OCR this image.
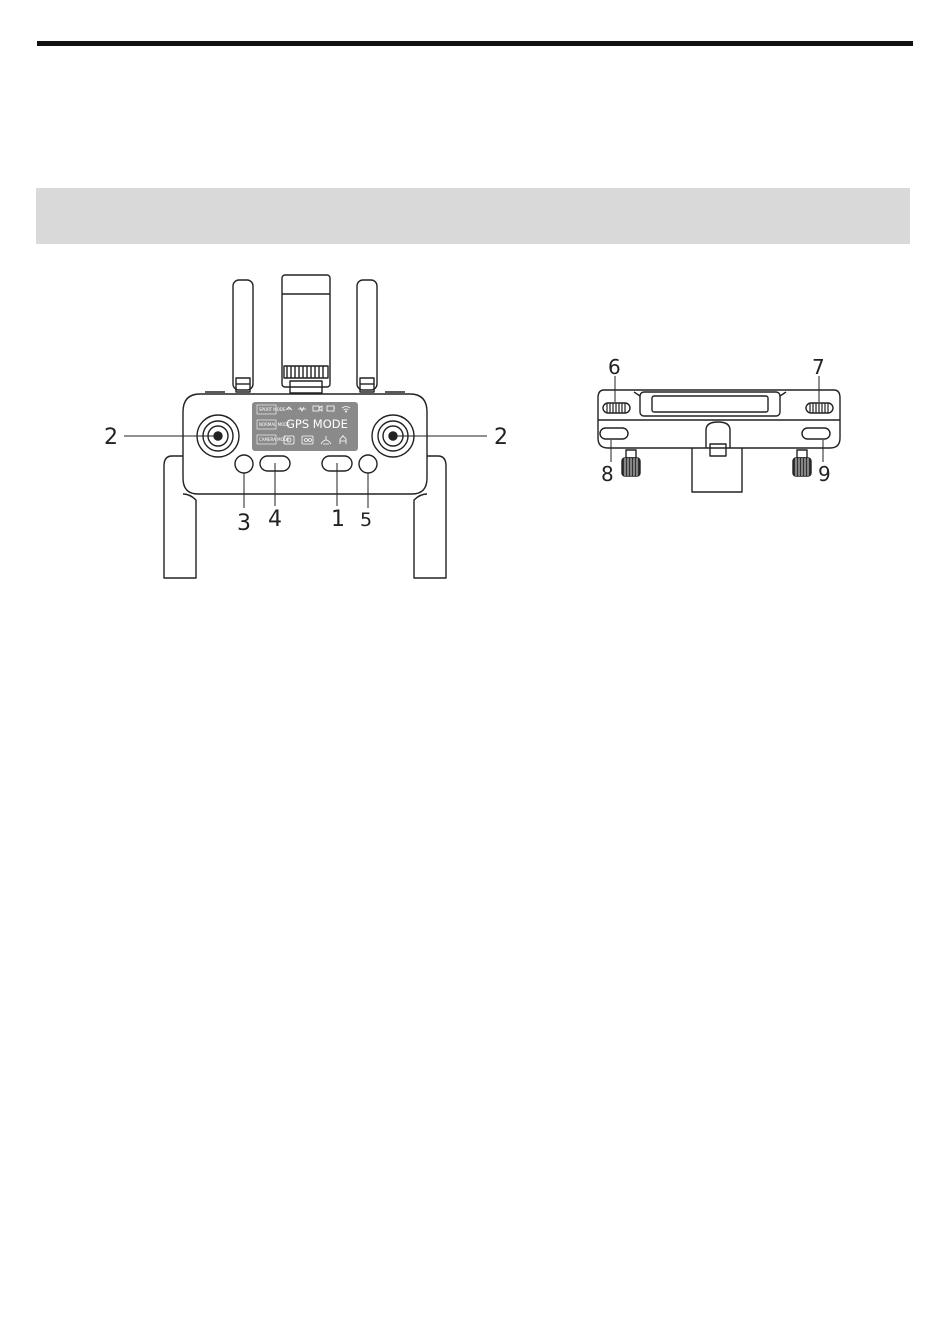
SPORT MODE
NORMAL MODE
CAMERA MODE
GPS MODE
2	2
3 4 1 5
6	7
8	9
